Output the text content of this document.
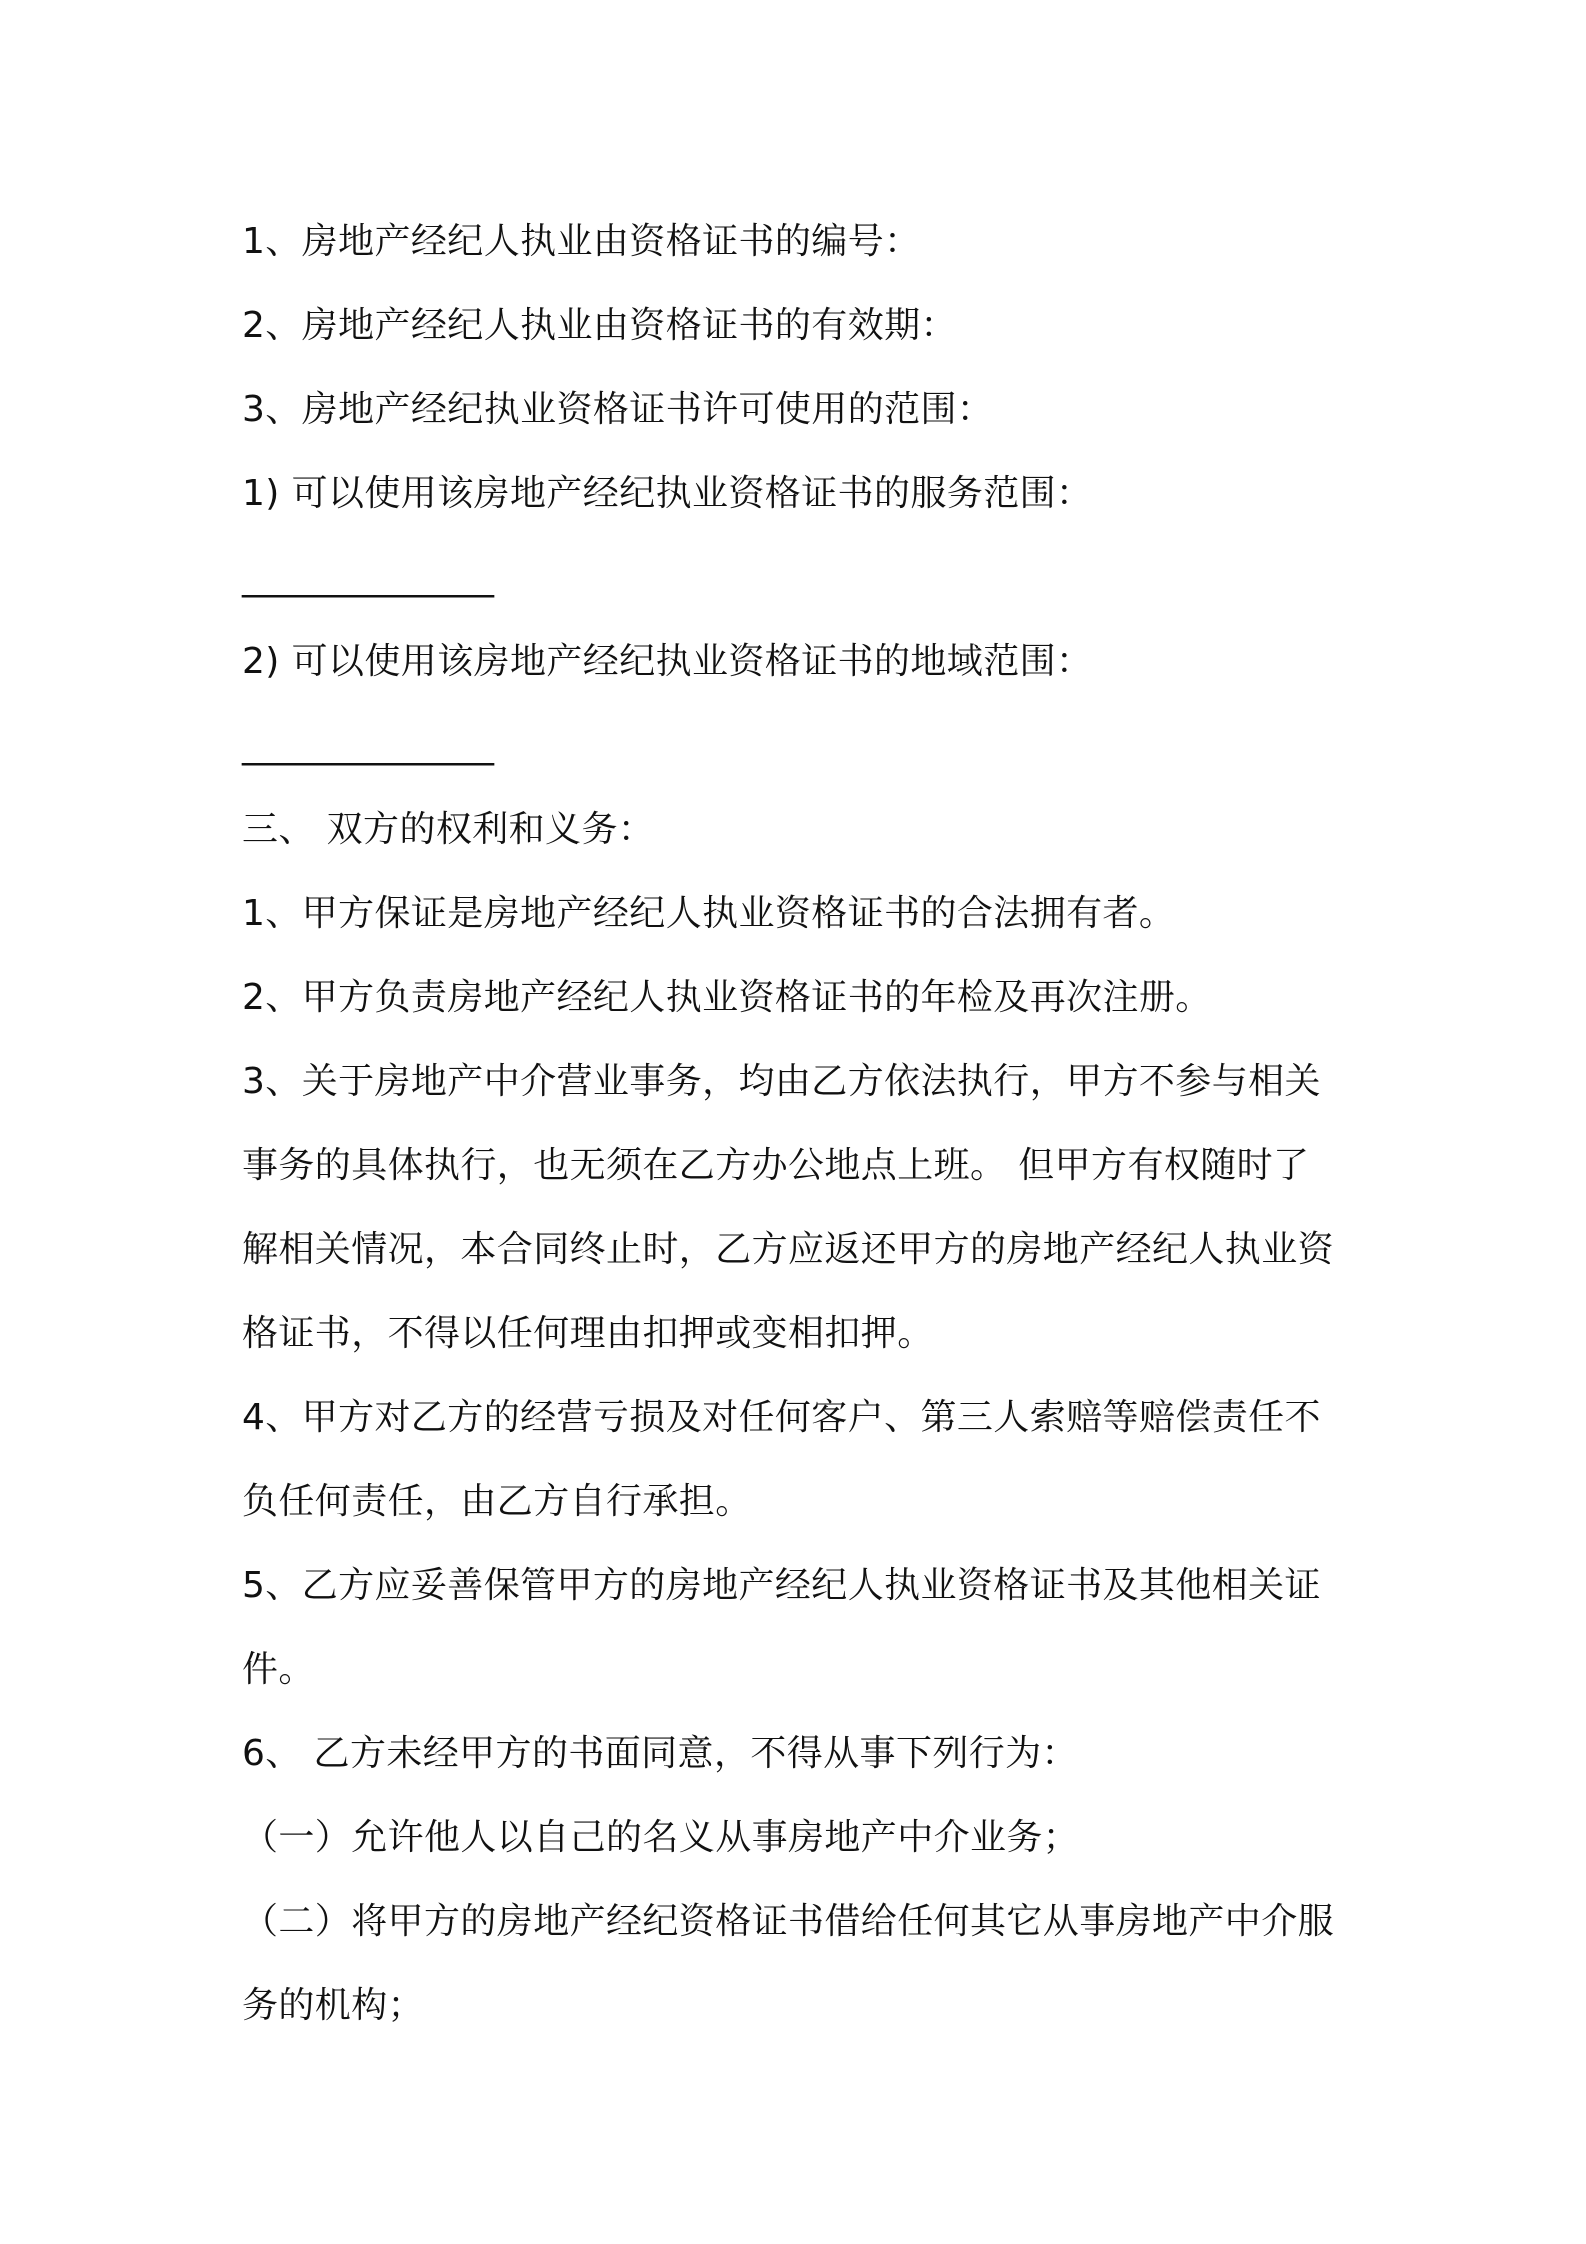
1、房地产经纪人执业由资格证书的编号：
2、房地产经纪人执业由资格证书的有效期：
3、房地产经纪执业资格证书许可使用的范围：
1) 可以使用该房地产经纪执业资格证书的服务范围：
______________
2) 可以使用该房地产经纪执业资格证书的地域范围：
______________
三、 双方的权利和义务：
1、甲方保证是房地产经纪人执业资格证书的合法拥有者。
2、甲方负责房地产经纪人执业资格证书的年检及再次注册。
3、关于房地产中介营业事务，均由乙方依法执行，甲方不参与相关
事务的具体执行，也无须在乙方办公地点上班。 但甲方有权随时了
解相关情况，本合同终止时，乙方应返还甲方的房地产经纪人执业资
格证书，不得以任何理由扣押或变相扣押。
4、甲方对乙方的经营亏损及对任何客户、第三人索赔等赔偿责任不
负任何责任，由乙方自行承担。
5、乙方应妥善保管甲方的房地产经纪人执业资格证书及其他相关证
件。
6、 乙方未经甲方的书面同意，不得从事下列行为：
（一）允许他人以自己的名义从事房地产中介业务；
（二）将甲方的房地产经纪资格证书借给任何其它从事房地产中介服
务的机构；
